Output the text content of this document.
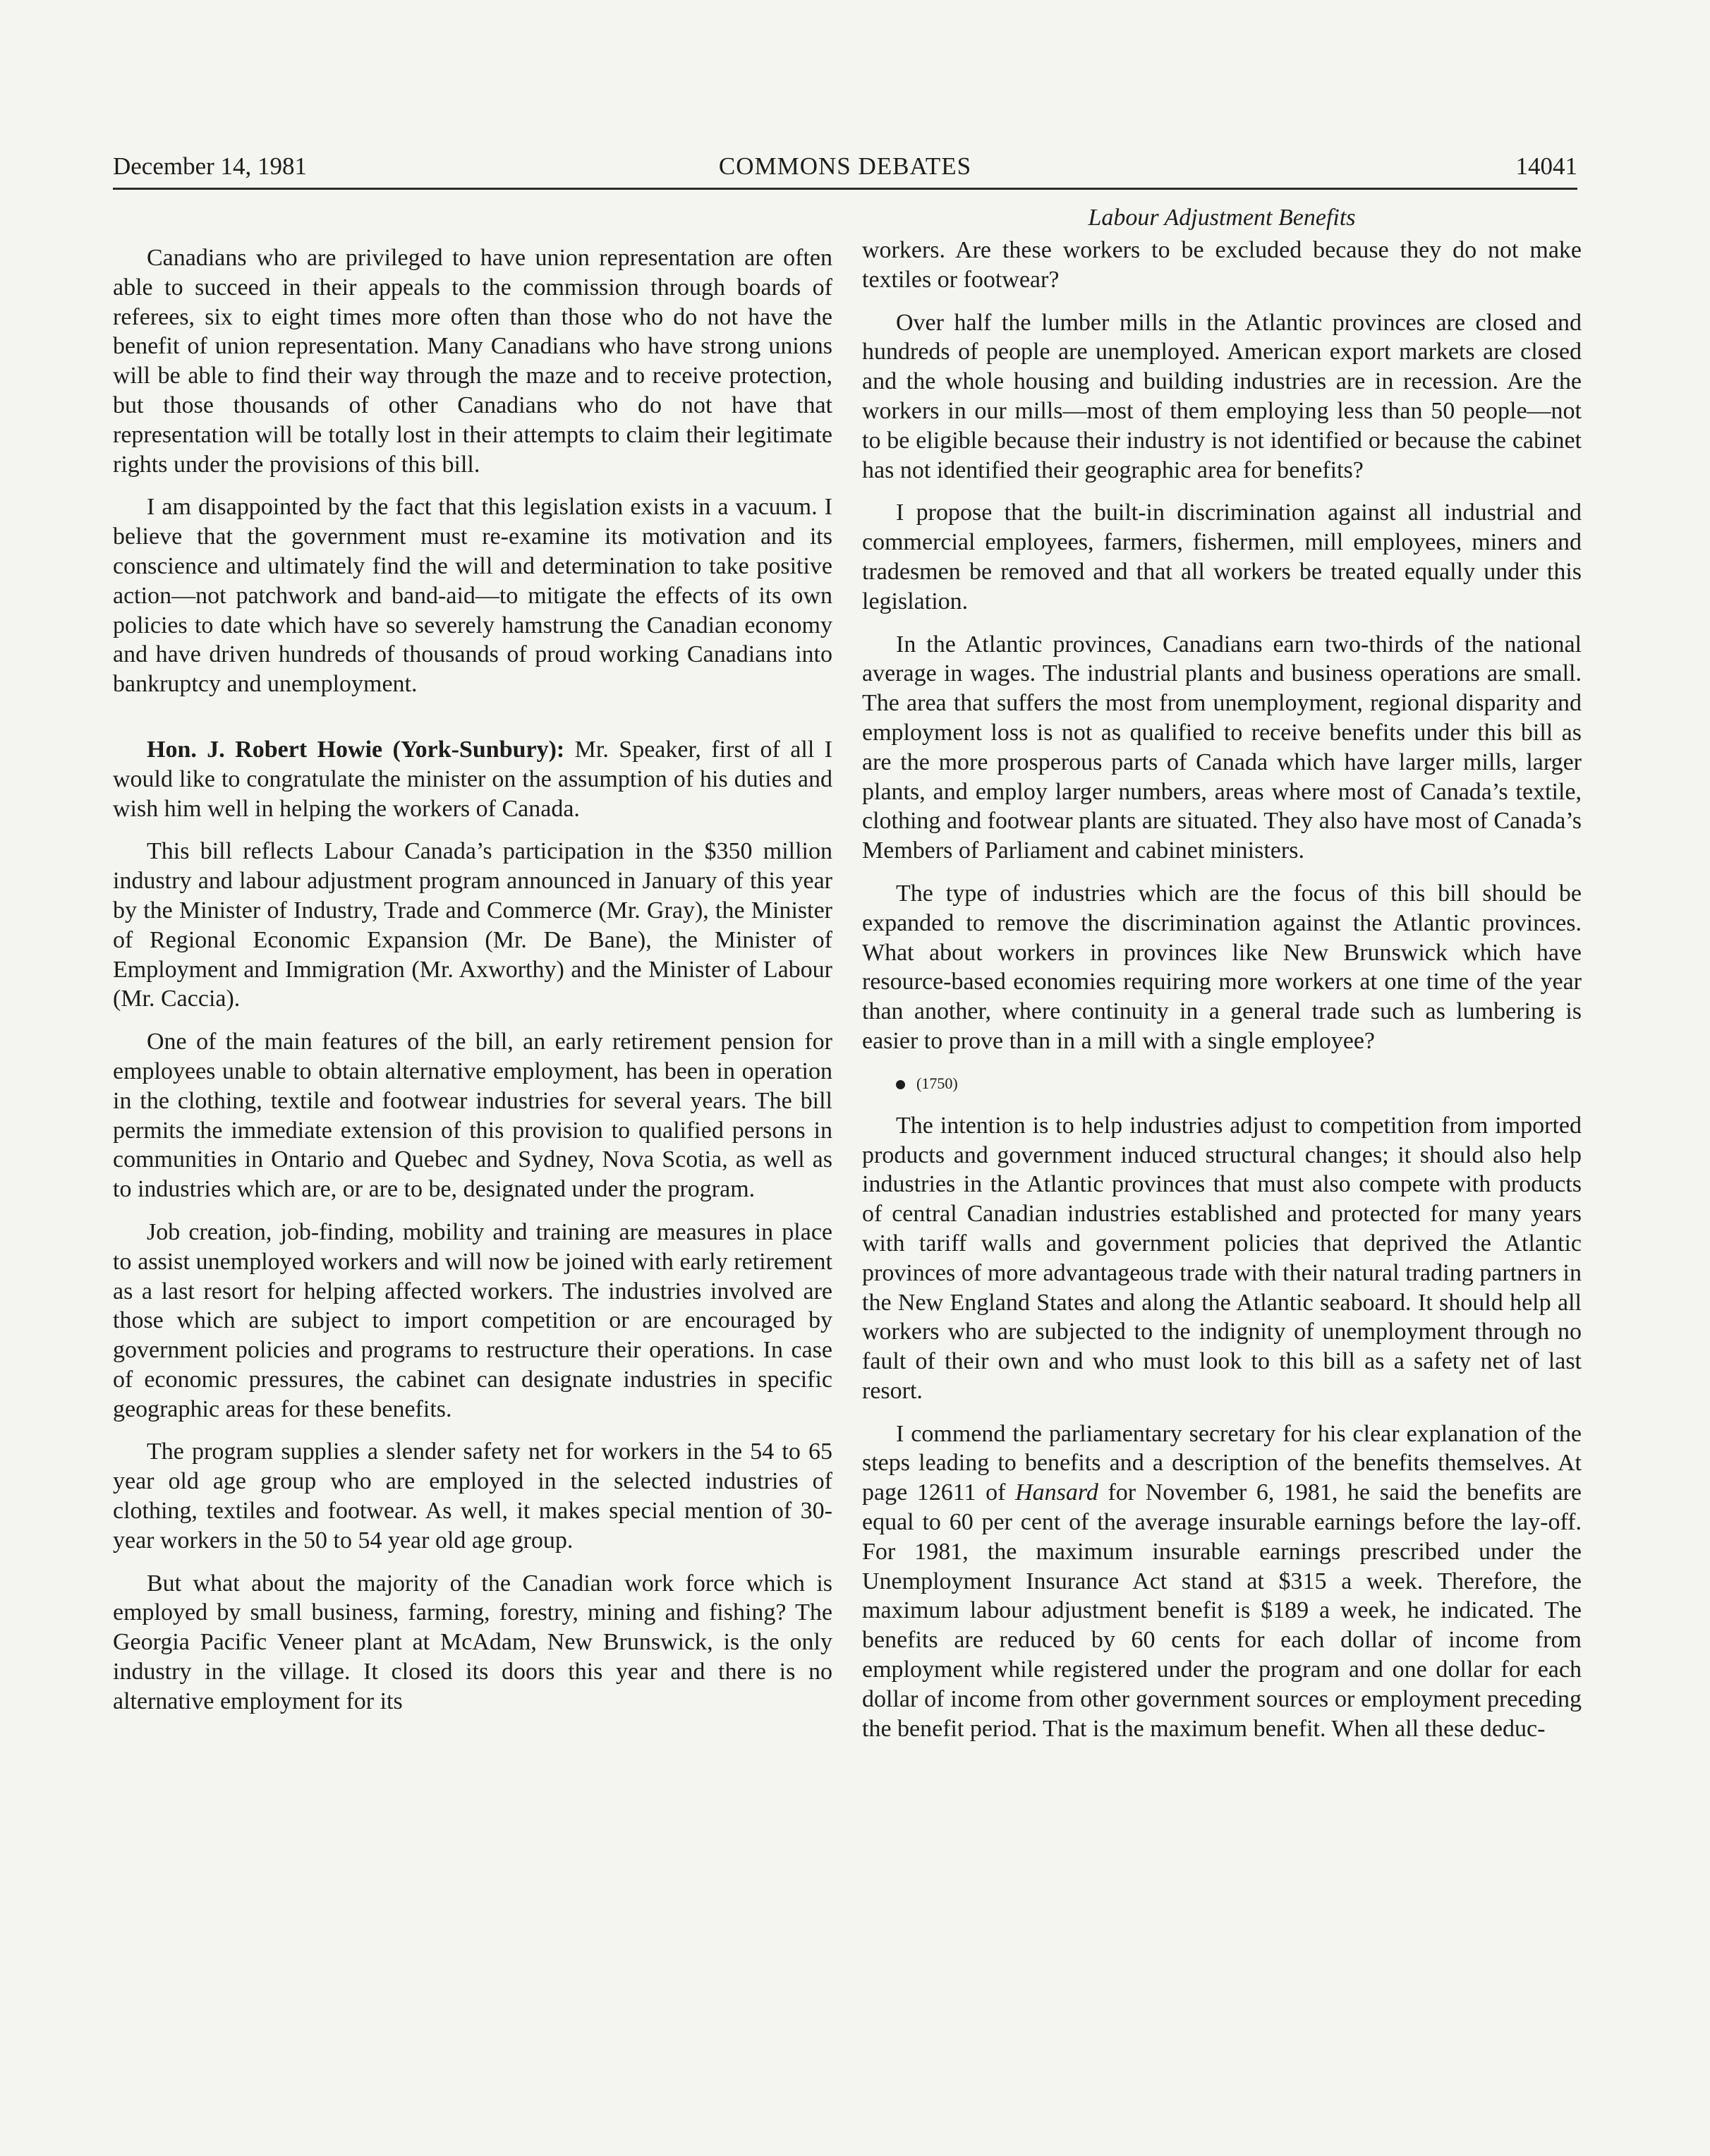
December 14, 1981	COMMONS DEBATES	14041

Canadians who are privileged to have union representation are often able to succeed in their appeals to the commission through boards of referees, six to eight times more often than those who do not have the benefit of union representation. Many Canadians who have strong unions will be able to find their way through the maze and to receive protection, but those thousands of other Canadians who do not have that representation will be totally lost in their attempts to claim their legitimate rights under the provisions of this bill.

I am disappointed by the fact that this legislation exists in a vacuum. I believe that the government must re-examine its motivation and its conscience and ultimately find the will and determination to take positive action—not patchwork and band-aid—to mitigate the effects of its own policies to date which have so severely hamstrung the Canadian economy and have driven hundreds of thousands of proud working Canadians into bankruptcy and unemployment.

Hon. J. Robert Howie (York-Sunbury): Mr. Speaker, first of all I would like to congratulate the minister on the assumption of his duties and wish him well in helping the workers of Canada.

This bill reflects Labour Canada’s participation in the $350 million industry and labour adjustment program announced in January of this year by the Minister of Industry, Trade and Commerce (Mr. Gray), the Minister of Regional Economic Expansion (Mr. De Bane), the Minister of Employment and Immigration (Mr. Axworthy) and the Minister of Labour (Mr. Caccia).

One of the main features of the bill, an early retirement pension for employees unable to obtain alternative employment, has been in operation in the clothing, textile and footwear industries for several years. The bill permits the immediate extension of this provision to qualified persons in communities in Ontario and Quebec and Sydney, Nova Scotia, as well as to industries which are, or are to be, designated under the program.

Job creation, job-finding, mobility and training are measures in place to assist unemployed workers and will now be joined with early retirement as a last resort for helping affected workers. The industries involved are those which are subject to import competition or are encouraged by government policies and programs to restructure their operations. In case of economic pressures, the cabinet can designate industries in specific geographic areas for these benefits.

The program supplies a slender safety net for workers in the 54 to 65 year old age group who are employed in the selected industries of clothing, textiles and footwear. As well, it makes special mention of 30-year workers in the 50 to 54 year old age group.

But what about the majority of the Canadian work force which is employed by small business, farming, forestry, mining and fishing? The Georgia Pacific Veneer plant at McAdam, New Brunswick, is the only industry in the village. It closed its doors this year and there is no alternative employment for its

Labour Adjustment Benefits

workers. Are these workers to be excluded because they do not make textiles or footwear?

Over half the lumber mills in the Atlantic provinces are closed and hundreds of people are unemployed. American export markets are closed and the whole housing and building industries are in recession. Are the workers in our mills—most of them employing less than 50 people—not to be eligible because their industry is not identified or because the cabinet has not identified their geographic area for benefits?

I propose that the built-in discrimination against all industrial and commercial employees, farmers, fishermen, mill employees, miners and tradesmen be removed and that all workers be treated equally under this legislation.

In the Atlantic provinces, Canadians earn two-thirds of the national average in wages. The industrial plants and business operations are small. The area that suffers the most from unemployment, regional disparity and employment loss is not as qualified to receive benefits under this bill as are the more prosperous parts of Canada which have larger mills, larger plants, and employ larger numbers, areas where most of Canada’s textile, clothing and footwear plants are situated. They also have most of Canada’s Members of Parliament and cabinet ministers.

The type of industries which are the focus of this bill should be expanded to remove the discrimination against the Atlantic provinces. What about workers in provinces like New Brunswick which have resource-based economies requiring more workers at one time of the year than another, where continuity in a general trade such as lumbering is easier to prove than in a mill with a single employee?

(1750)

The intention is to help industries adjust to competition from imported products and government induced structural changes; it should also help industries in the Atlantic provinces that must also compete with products of central Canadian industries established and protected for many years with tariff walls and government policies that deprived the Atlantic provinces of more advantageous trade with their natural trading partners in the New England States and along the Atlantic seaboard. It should help all workers who are subjected to the indignity of unemployment through no fault of their own and who must look to this bill as a safety net of last resort.

I commend the parliamentary secretary for his clear explanation of the steps leading to benefits and a description of the benefits themselves. At page 12611 of Hansard for November 6, 1981, he said the benefits are equal to 60 per cent of the average insurable earnings before the lay-off. For 1981, the maximum insurable earnings prescribed under the Unemployment Insurance Act stand at $315 a week. Therefore, the maximum labour adjustment benefit is $189 a week, he indicated. The benefits are reduced by 60 cents for each dollar of income from employment while registered under the program and one dollar for each dollar of income from other government sources or employment preceding the benefit period. That is the maximum benefit. When all these deduc-
